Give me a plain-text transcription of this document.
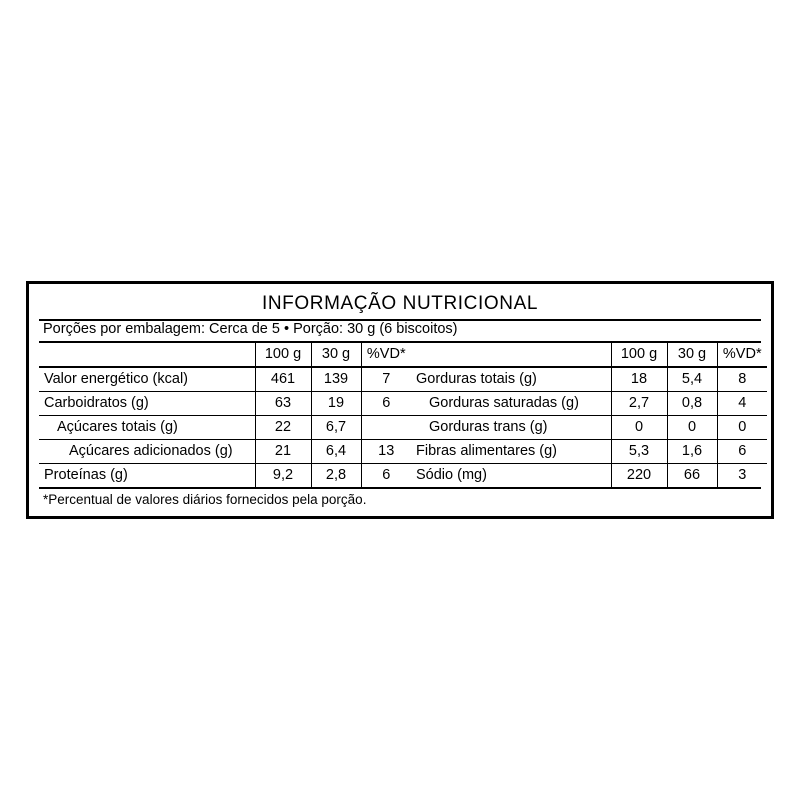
INFORMAÇÃO NUTRICIONAL
Porções por embalagem: Cerca de 5 • Porção: 30 g (6 biscoitos)
	100 g	30 g	%VD*
Valor energético (kcal)	461	139	7
Carboidratos (g)	63	19	6
Açúcares totais (g)	22	6,7	
Açúcares adicionados (g)	21	6,4	13
Proteínas (g)	9,2	2,8	6
	100 g	30 g	%VD*
Gorduras totais (g)	18	5,4	8
Gorduras saturadas (g)	2,7	0,8	4
Gorduras trans (g)	0	0	0
Fibras alimentares (g)	5,3	1,6	6
Sódio (mg)	220	66	3
*Percentual de valores diários fornecidos pela porção.
